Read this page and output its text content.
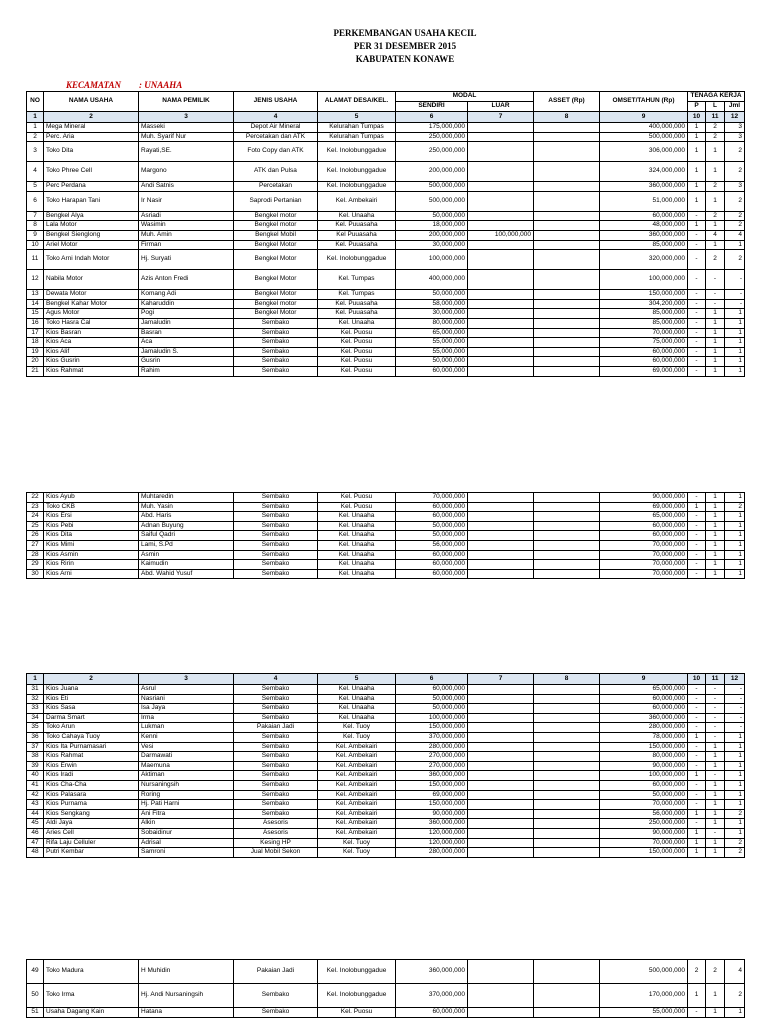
PERKEMBANGAN USAHA KECIL
PER 31 DESEMBER 2015
KABUPATEN KONAWE
KECAMATAN : UNAAHA
NO	NAMA USAHA	NAMA PEMILIK	JENIS USAHA	ALAMAT DESA/KEL.	MODAL		ASSET (Rp)	OMSET/TAHUN (Rp)	TENAGA KERJA		
					SENDIRI	LUAR			P	L	Jml
1	2	3	4	5	6	7	8	9	10	11	12
1	Mega Mineral	Masseki	Depot Air Mineral	Kelurahan Tumpas	175,000,000			400,000,000	1	2	3
2	Perc. Aria	Muh. Syarif Nur	Percetakan dan ATK	Kelurahan Tumpas	250,000,000			500,000,000	1	2	3
3	Toko Dita	Rayati,SE.	Foto Copy dan ATK	Kel. Inolobunggadue	250,000,000			306,000,000	1	1	2
4	Toko Phree Cell	Margono	ATK dan Pulsa	Kel. Inolobunggadue	200,000,000			324,000,000	1	1	2
5	Perc Perdana	Andi Satnis	Percetakan	Kel. Inolobunggadue	500,000,000			360,000,000	1	2	3
6	Toko Harapan Tani	Ir Nasir	Saprodi Pertanian	Kel. Ambekairi	500,000,000			51,000,000	1	1	2
7	Bengkel Alya	Asriadi	Bengkel motor	Kel. Unaaha	50,000,000			60,000,000	-	2	2
8	Lala Motor	Wasimin	Bengkel motor	Kel. Puuasaha	18,000,000			48,000,000	1	1	2
9	Bengkel Sienglong	Muh. Amin	Bengkel Mobil	Kel Puuasaha	200,000,000	100,000,000		360,000,000	-	4	4
10	Ariel Motor	Firman	Bengkel Motor	Kel. Puuasaha	30,000,000			85,000,000	-	1	1
11	Toko Arni Indah Motor	Hj. Suryati	Bengkel Motor	Kel. Inolobunggadue	100,000,000			320,000,000	-	2	2
12	Nabila Motor	Azis Anton Fredi	Bengkel Motor	Kel. Tumpas	400,000,000			100,000,000	-	-	-
13	Dewata Motor	Komang Adi	Bengkel Motor	Kel. Tumpas	50,000,000			150,000,000	-	-	-
14	Bengkel Kahar Motor	Kaharuddin	Bengkel motor	Kel. Puuasaha	58,000,000			304,200,000	-	-	-
15	Agus Motor	Pogi	Bengkel Motor	Kel. Puuasaha	30,000,000			85,000,000	-	1	1
16	Toko Hasra Cal	Jamaludin	Sembako	Kel. Unaaha	80,000,000			85,000,000	-	1	1
17	Kios Basran	Basran	Sembako	Kel. Puosu	65,000,000			70,000,000	-	1	1
18	Kios Aca	Aca	Sembako	Kel. Puosu	55,000,000			75,000,000	-	1	1
19	Kios Alif	Jamaludin S.	Sembako	Kel. Puosu	55,000,000			60,000,000	-	1	1
20	Kios Gusrin	Gusrin	Sembako	Kel. Puosu	50,000,000			60,000,000	-	1	1
21	Kios Rahmat	Rahim	Sembako	Kel. Puosu	60,000,000			69,000,000	-	1	1
22	Kios Ayub	Muhtaredin	Sembako	Kel. Puosu	70,000,000			90,000,000	-	1	1
23	Toko CKB	Muh. Yasin	Sembako	Kel. Puosu	60,000,000			69,000,000	1	1	2
24	Kios Ersi	Abd. Haris	Sembako	Kel. Unaaha	60,000,000			65,000,000	-	1	1
25	Kios Pebi	Adnan Buyung	Sembako	Kel. Unaaha	50,000,000			60,000,000	-	1	1
26	Kios Dita	Saiful Qadri	Sembako	Kel. Unaaha	50,000,000			60,000,000	-	1	1
27	Kios Mimi	Lami, S.Pd	Sembako	Kel. Unaaha	56,000,000			70,000,000	-	1	1
28	Kios Asmin	Asmin	Sembako	Kel. Unaaha	60,000,000			70,000,000	-	1	1
29	Kios Ririn	Kaimudin	Sembako	Kel. Unaaha	60,000,000			70,000,000	-	1	1
30	Kios Arni	Abd. Wahid Yusuf	Sembako	Kel. Unaaha	60,000,000			70,000,000	-	1	1
1	2	3	4	5	6	7	8	9	10	11	12
31	Kios Juana	Asrul	Sembako	Kel. Unaaha	60,000,000			65,000,000	-	-	-
32	Kios Eti	Nasriani	Sembako	Kel. Unaaha	50,000,000			60,000,000	-	-	-
33	Kios Sasa	Isa Jaya	Sembako	Kel. Unaaha	50,000,000			60,000,000	-	-	-
34	Darma Smart	Irma	Sembako	Kel. Unaaha	100,000,000			360,000,000	-	-	-
35	Toko Arun	Lukman	Pakaian Jadi	Kel. Tuoy	150,000,000			280,000,000	-	-	-
36	Toko Cahaya Tuoy	Kenni	Sembako	Kel. Tuoy	370,000,000			78,000,000	1	-	1
37	Kios Ita Purnamasari	Vesi	Sembako	Kel. Ambekairi	280,000,000			150,000,000	-	1	1
38	Kios Rahmat	Darmawati	Sembako	Kel. Ambekairi	270,000,000			80,000,000	-	1	1
39	Kios Erwin	Maemuna	Sembako	Kel. Ambekairi	270,000,000			90,000,000	-	1	1
40	Kios Iradi	Aktiman	Sembako	Kel. Ambekairi	360,000,000			100,000,000	1	-	1
41	Kios Cha-Cha	Nursaningsih	Sembako	Kel. Ambekairi	150,000,000			60,000,000	-	1	1
42	Kios Palasara	Roring	Sembako	Kel. Ambekairi	69,000,000			50,000,000	-	1	1
43	Kios Purnama	Hj. Pati Harni	Sembako	Kel. Ambekairi	150,000,000			70,000,000	-	1	1
44	Kios Sengkang	Ani Fitra	Sembako	Kel. Ambekairi	90,000,000			56,000,000	1	1	2
45	Aldi Jaya	Alkin	Asesoris	Kel. Ambekairi	360,000,000			250,000,000	-	1	1
46	Aries Cell	Sobaidinur	Asesoris	Kel. Ambekairi	120,000,000			90,000,000	1	-	1
47	Rifa Laju Celluler	Adrisal	Kesing HP	Kel. Tuoy	120,000,000			70,000,000	1	1	2
48	Putri Kembar	Samroni	Jual Mobil Sekon	Kel. Tuoy	280,000,000			150,000,000	1	1	2
49	Toko Madura	H Muhidin	Pakaian Jadi	Kel. Inolobunggadue	360,000,000			500,000,000	2	2	4
50	Toko Irma	Hj. Andi Nursaningsih	Sembako	Kel. Inolobunggadue	370,000,000			170,000,000	1	1	2
51	Usaha Dagang Kain	Hatana	Sembako	Kel. Puosu	60,000,000			55,000,000	-	1	1
